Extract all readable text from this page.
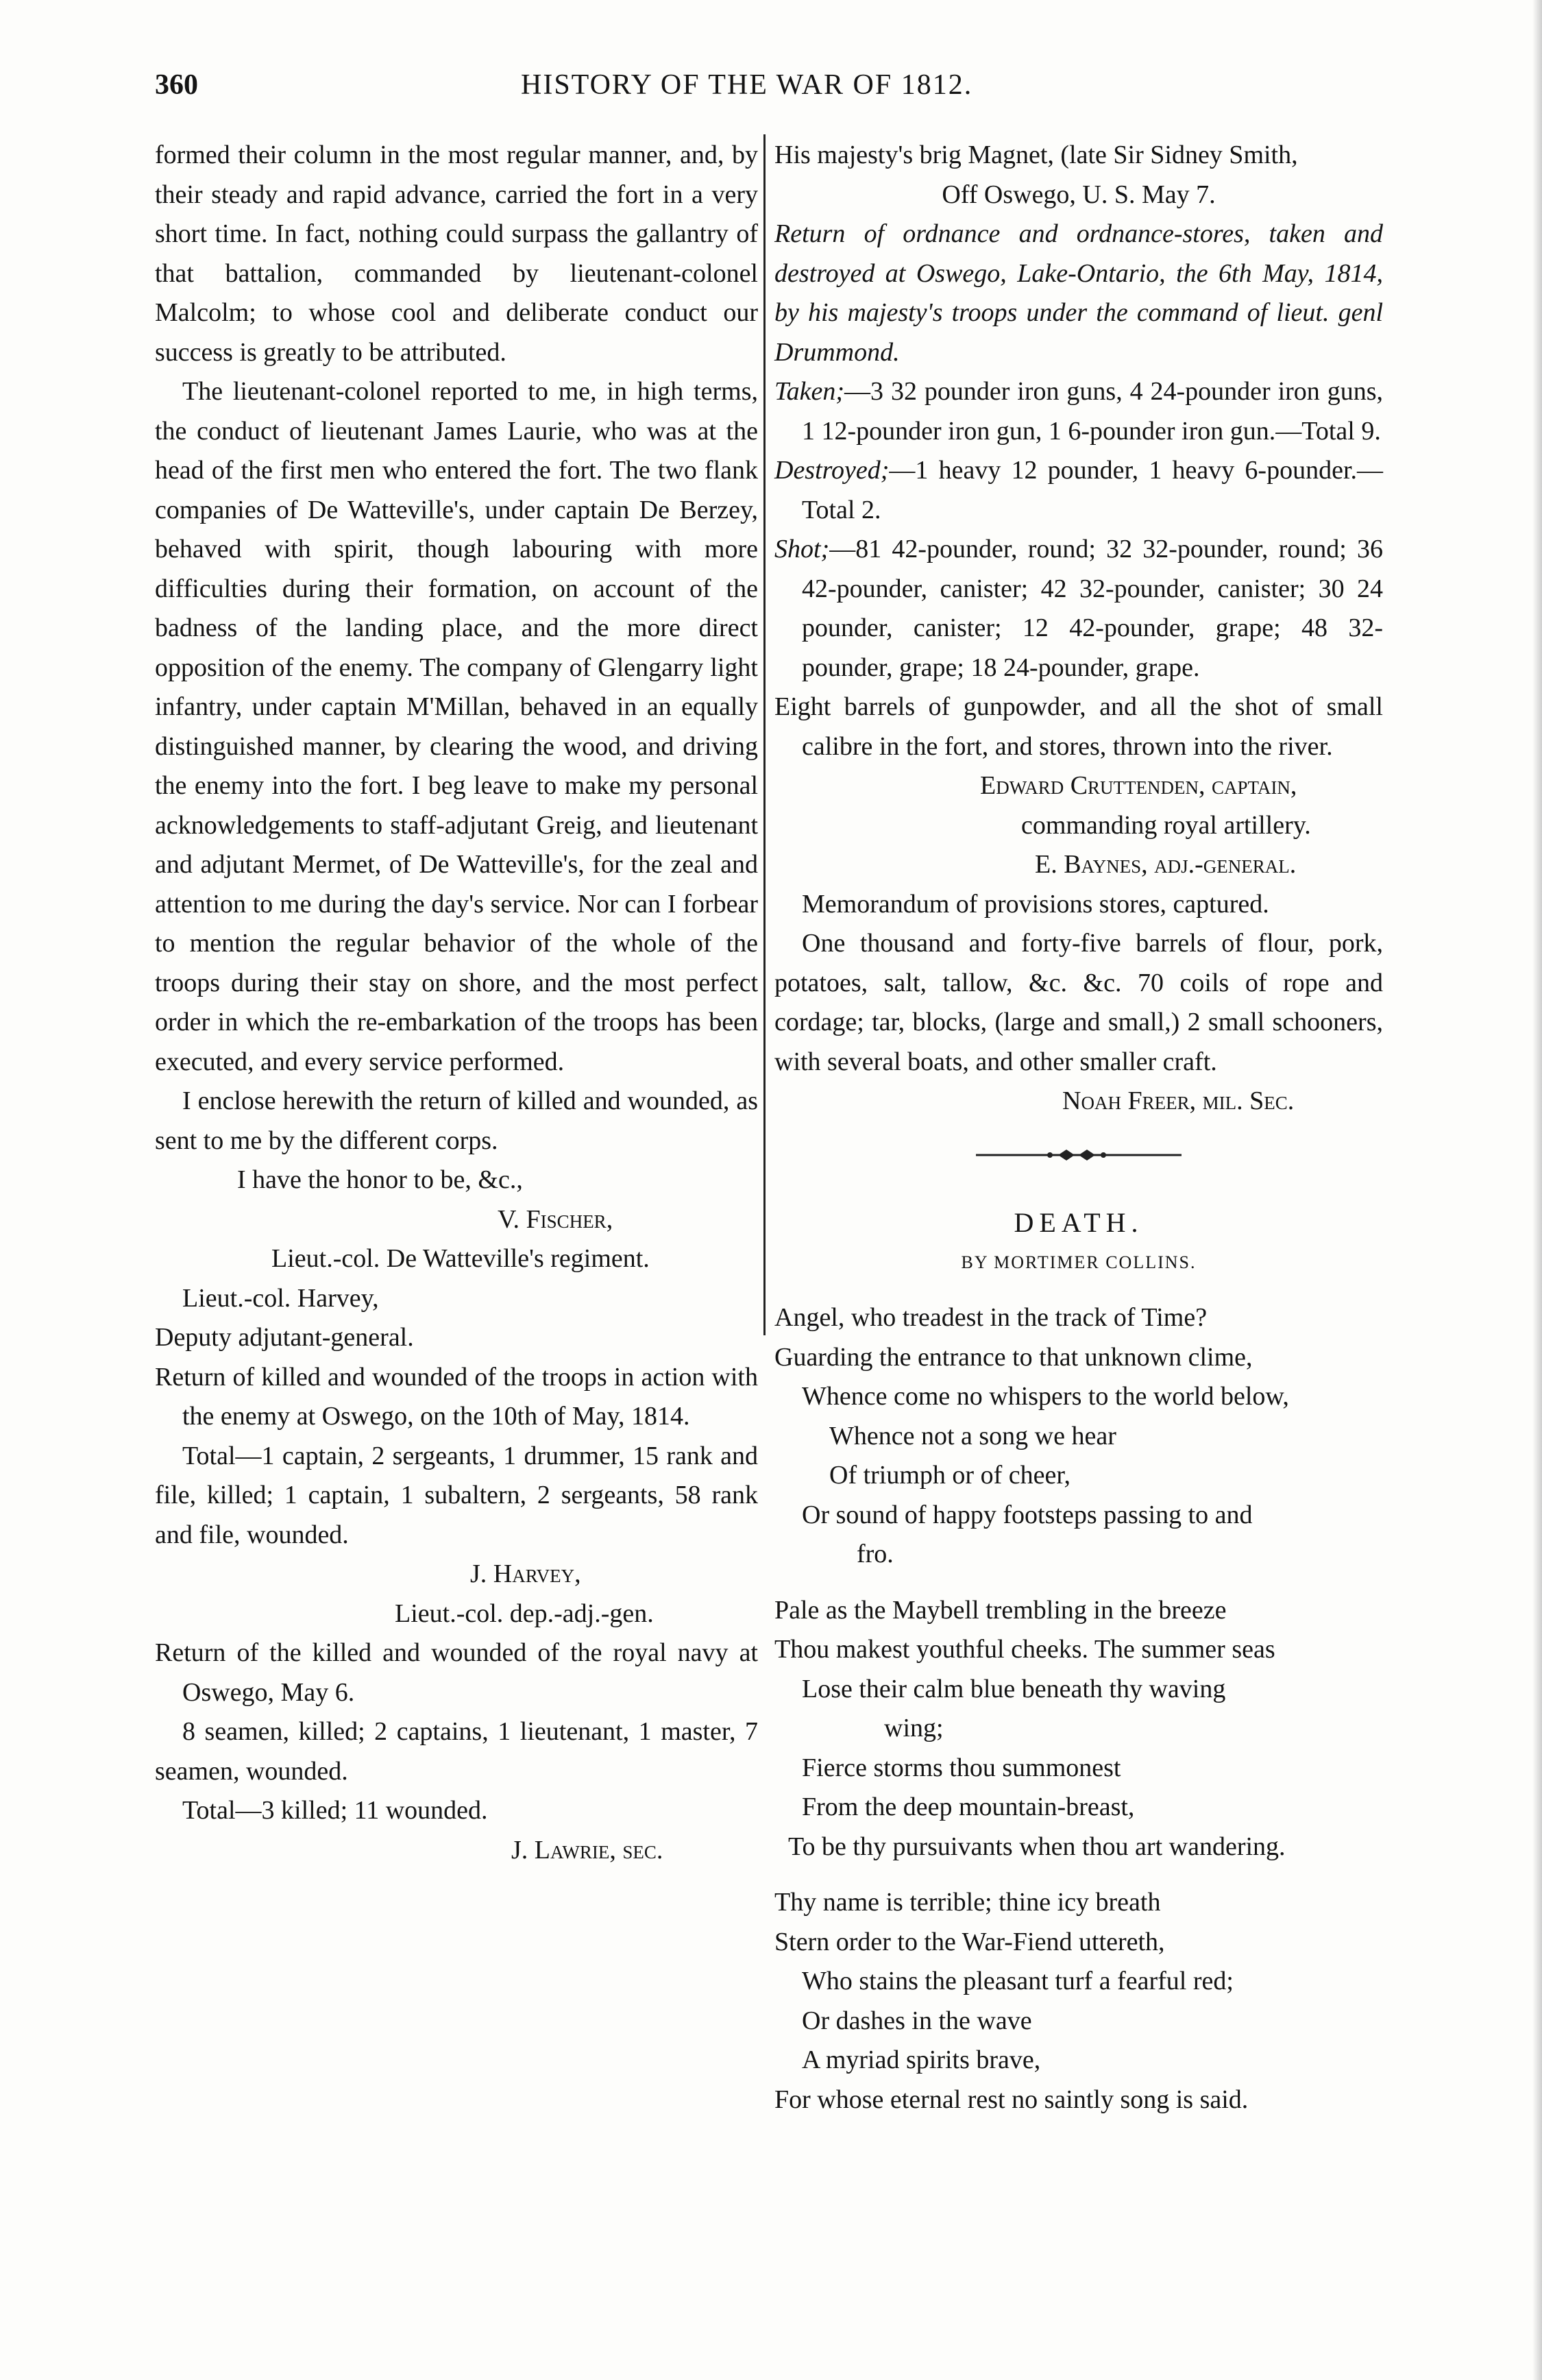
360	HISTORY OF THE WAR OF 1812.

formed their column in the most regular manner, and, by their steady and rapid advance, carried the fort in a very short time. In fact, nothing could surpass the gallantry of that battalion, commanded by lieutenant-colonel Malcolm; to whose cool and deliberate conduct our success is greatly to be attributed.

The lieutenant-colonel reported to me, in high terms, the conduct of lieutenant James Laurie, who was at the head of the first men who entered the fort. The two flank companies of De Watteville's, under captain De Berzey, behaved with spirit, though labouring with more difficulties during their formation, on account of the badness of the landing place, and the more direct opposition of the enemy. The company of Glengarry light infantry, under captain M'Millan, behaved in an equally distinguished manner, by clearing the wood, and driving the enemy into the fort. I beg leave to make my personal acknowledgements to staff-adjutant Greig, and lieutenant and adjutant Mermet, of De Watteville's, for the zeal and attention to me during the day's service. Nor can I forbear to mention the regular behavior of the whole of the troops during their stay on shore, and the most perfect order in which the re-embarkation of the troops has been executed, and every service performed.

I enclose herewith the return of killed and wounded, as sent to me by the different corps.

I have the honor to be, &c.,

V. Fischer,

Lieut.-col. De Watteville's regiment.

Lieut.-col. Harvey,

Deputy adjutant-general.

Return of killed and wounded of the troops in action with the enemy at Oswego, on the 10th of May, 1814.

Total—1 captain, 2 sergeants, 1 drummer, 15 rank and file, killed; 1 captain, 1 subaltern, 2 sergeants, 58 rank and file, wounded.

J. Harvey,

Lieut.-col. dep.-adj.-gen.

Return of the killed and wounded of the royal navy at Oswego, May 6.

8 seamen, killed; 2 captains, 1 lieutenant, 1 master, 7 seamen, wounded.

Total—3 killed; 11 wounded.

J. Lawrie, sec.

His majesty's brig Magnet, (late Sir Sidney Smith,

Off Oswego, U. S. May 7.

Return of ordnance and ordnance-stores, taken and destroyed at Oswego, Lake-Ontario, the 6th May, 1814, by his majesty's troops under the command of lieut. genl Drummond.

Taken;—3 32 pounder iron guns, 4 24-pounder iron guns, 1 12-pounder iron gun, 1 6-pounder iron gun.—Total 9.

Destroyed;—1 heavy 12 pounder, 1 heavy 6-pounder.—Total 2.

Shot;—81 42-pounder, round; 32 32-pounder, round; 36 42-pounder, canister; 42 32-pounder, canister; 30 24 pounder, canister; 12 42-pounder, grape; 48 32-pounder, grape; 18 24-pounder, grape.

Eight barrels of gunpowder, and all the shot of small calibre in the fort, and stores, thrown into the river.

Edward Cruttenden, captain,

commanding royal artillery.

E. Baynes, adj.-general.

Memorandum of provisions stores, captured.

One thousand and forty-five barrels of flour, pork, potatoes, salt, tallow, &c. &c. 70 coils of rope and cordage; tar, blocks, (large and small,) 2 small schooners, with several boats, and other smaller craft.

Noah Freer, mil. Sec.

DEATH.
BY MORTIMER COLLINS.
Angel, who treadest in the track of Time?
Guarding the entrance to that unknown clime,
Whence come no whispers to the world below,
Whence not a song we hear
Of triumph or of cheer,
Or sound of happy footsteps passing to and
fro.
Pale as the Maybell trembling in the breeze
Thou makest youthful cheeks. The summer seas
Lose their calm blue beneath thy waving
wing;
Fierce storms thou summonest
From the deep mountain-breast,
To be thy pursuivants when thou art wandering.
Thy name is terrible; thine icy breath
Stern order to the War-Fiend uttereth,
Who stains the pleasant turf a fearful red;
Or dashes in the wave
A myriad spirits brave,
For whose eternal rest no saintly song is said.
